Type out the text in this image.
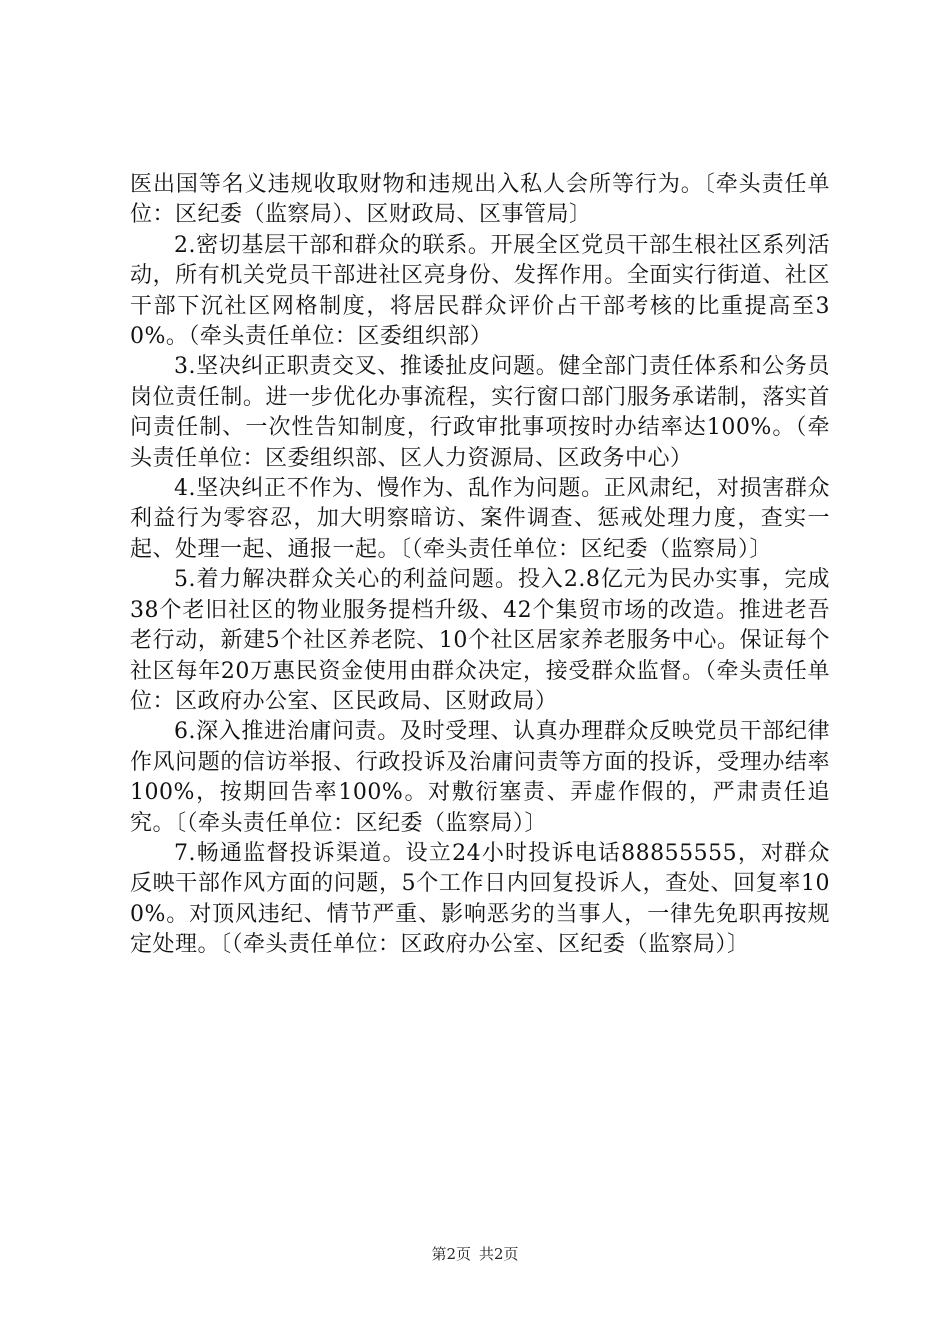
医出国等名义违规收取财物和违规出入私人会所等行为。〔牵头责任单位：区纪委（监察局）、区财政局、区事管局〕

2.密切基层干部和群众的联系。开展全区党员干部生根社区系列活动，所有机关党员干部进社区亮身份、发挥作用。全面实行街道、社区干部下沉社区网格制度，将居民群众评价占干部考核的比重提高至30%。（牵头责任单位：区委组织部）

3.坚决纠正职责交叉、推诿扯皮问题。健全部门责任体系和公务员岗位责任制。进一步优化办事流程，实行窗口部门服务承诺制，落实首问责任制、一次性告知制度，行政审批事项按时办结率达100%。（牵头责任单位：区委组织部、区人力资源局、区政务中心）

4.坚决纠正不作为、慢作为、乱作为问题。正风肃纪，对损害群众利益行为零容忍，加大明察暗访、案件调查、惩戒处理力度，查实一起、处理一起、通报一起。〔（牵头责任单位：区纪委（监察局）〕

5.着力解决群众关心的利益问题。投入2.8亿元为民办实事，完成38个老旧社区的物业服务提档升级、42个集贸市场的改造。推进老吾老行动，新建5个社区养老院、10个社区居家养老服务中心。保证每个社区每年20万惠民资金使用由群众决定，接受群众监督。（牵头责任单位：区政府办公室、区民政局、区财政局）

6.深入推进治庸问责。及时受理、认真办理群众反映党员干部纪律作风问题的信访举报、行政投诉及治庸问责等方面的投诉，受理办结率100%，按期回告率100%。对敷衍塞责、弄虚作假的，严肃责任追究。〔（牵头责任单位：区纪委（监察局）〕

7.畅通监督投诉渠道。设立24小时投诉电话88855555，对群众反映干部作风方面的问题，5个工作日内回复投诉人，查处、回复率100%。对顶风违纪、情节严重、影响恶劣的当事人，一律先免职再按规定处理。〔（牵头责任单位：区政府办公室、区纪委（监察局）〕

第2页 共2页
